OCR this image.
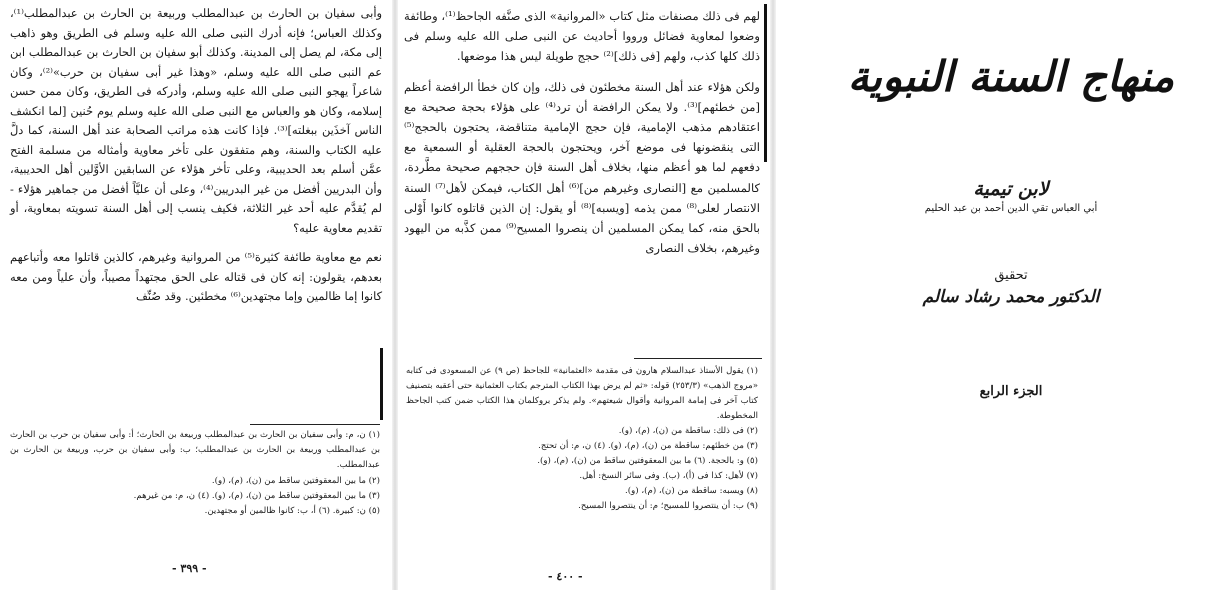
وأبى سفيان بن الحارث بن عبدالمطلب وربيعة بن الحارث بن عبدالمطلب⁽¹⁾، وكذلك العباس؛ فإنه أدرك النبى صلى الله عليه وسلم فى الطريق وهو ذاهب إلى مكة، لم يصل إلى المدينة. وكذلك أبو سفيان بن الحارث بن عبدالمطلب ابن عم النبى صلى الله عليه وسلم، «وهذا غير أبى سفيان بن حرب»⁽²⁾، وكان شاعراً يهجو النبى صلى الله عليه وسلم، وأدركه فى الطريق، وكان ممن حسن إسلامه، وكان هو والعباس مع النبى صلى الله عليه وسلم يوم حُنين [لما انكشف الناس آخذَين ببغلته]⁽³⁾. فإذا كانت هذه مراتب الصحابة عند أهل السنة، كما دلَّ عليه الكتاب والسنة، وهم متفقون على تأخر معاوية وأمثاله من مسلمة الفتح عمَّن أسلم بعد الحديبية، وعلى تأخر هؤلاء عن السابقين الأوَّلين أهل الحديبية، وأن البدريين أفضل من غير البدريين⁽⁴⁾، وعلى أن عليَّاً أفضل من جماهير هؤلاء - لم يُقدَّم عليه أحد غير الثلاثة، فكيف ينسب إلى أهل السنة تسويته بمعاوية، أو تقديم معاوية عليه؟
نعم مع معاوية طائفة كثيرة⁽⁵⁾ من المروانية وغيرهم، كالذين قاتلوا معه وأتباعهم بعدهم، يقولون: إنه كان فى قتاله على الحق مجتهداً مصيباً، وأن علياً ومن معه كانوا إما ظالمين وإما مجتهدين⁽⁶⁾ مخطئين. وقد صُنِّف
(١) ن، م: وأبى سفيان بن الحارث بن عبدالمطلب وربيعة بن الحارث؛ أ: وأبى سفيان بن حرب بن الحارث بن عبدالمطلب وربيعة بن الحارث بن عبدالمطلب؛ ب: وأبى سفيان بن حرب، وربيعة بن الحارث بن عبدالمطلب.
(٢) ما بين المعقوفتين ساقط من (ن)، (م)، (و).
(٣) ما بين المعقوفتين ساقط من (ن)، (م)، (و). (٤) ن، م: من غيرهم.
(٥) ن: كبيرة. (٦) أ، ب: كانوا ظالمين أو مجتهدين.
- ٣٩٩ -
لهم فى ذلك مصنفات مثل كتاب «المروانية» الذى صنَّفه الجاحظ⁽¹⁾، وطائفة وضعوا لمعاوية فضائل ورووا أحاديث عن النبى صلى الله عليه وسلم فى ذلك كلها كذب، ولهم [فى ذلك]⁽²⁾ حجج طويلة ليس هذا موضعها.
ولكن هؤلاء عند أهل السنة مخطئون فى ذلك، وإن كان خطأ الرافضة أعظم [من خطئهم]⁽³⁾. ولا يمكن الرافضة أن ترد⁽⁴⁾ على هؤلاء بحجة صحيحة مع اعتقادهم مذهب الإمامية، فإن حجج الإمامية متناقضة، يحتجون بالحجج⁽⁵⁾ التى ينقضونها فى موضع آخر، ويحتجون بالحجة العقلية أو السمعية مع دفعهم لما هو أعظم منها، بخلاف أهل السنة فإن حججهم صحيحة مطَّردة، كالمسلمين مع [النصارى وغيرهم من]⁽⁶⁾ أهل الكتاب، فيمكن لأهل⁽⁷⁾ السنة الانتصار لعلى⁽⁸⁾ ممن يذمه [ويسبه]⁽⁸⁾ أو يقول: إن الذين قاتلوه كانوا أَوْلى بالحق منه، كما يمكن المسلمين أن ينصروا المسيح⁽⁹⁾ ممن كذَّبه من اليهود وغيرهم، بخلاف النصارى
(١) يقول الأستاذ عبدالسلام هارون فى مقدمة «العثمانية» للجاحظ (ص ٩) عن المسعودى فى كتابه «مروج الذهب» (٢٥٣/٣) قوله: «ثم لم يرض بهذا الكتاب المترجم بكتاب العثمانية حتى أعقبه بتصنيف كتاب آخر فى إمامة المروانية وأقوال شيعتهم». ولم يذكر بروكلمان هذا الكتاب ضمن كتب الجاحظ المخطوطة.
(٢) فى ذلك: ساقطة من (ن)، (م)، (و).
(٣) من خطئهم: ساقطة من (ن)، (م)، (و). (٤) ن، م: أن تحتج.
(٥) و: بالحجة. (٦) ما بين المعقوفتين ساقط من (ن)، (م)، (و).
(٧) لأهل: كذا فى (أ)، (ب). وفى سائر النسخ: أهل.
(٨) ويسبه: ساقطة من (ن)، (م)، (و).
(٩) ب: أن ينتصروا للمسيح؛ م: أن ينتصروا المسيح.
- ٤٠٠ -
منهاج السنة النبوية
لابن تيمية
أبي العباس تقي الدين أحمد بن عبد الحليم
تحقيق
الدكتور محمد رشاد سالم
الجزء الرابع
